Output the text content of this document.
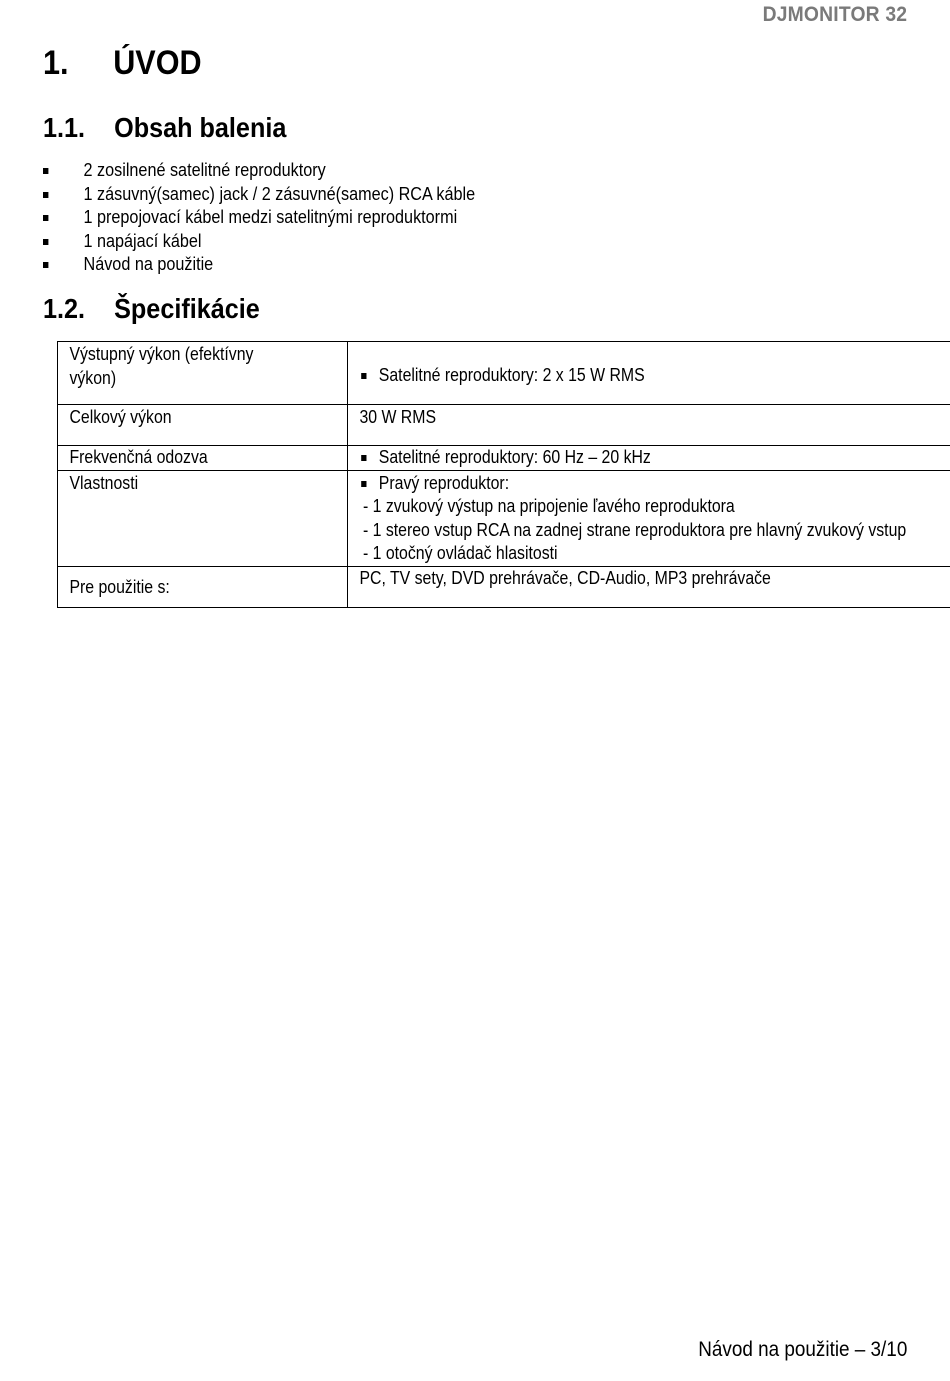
DJMONITOR 32
1. ÚVOD
1.1. Obsah balenia
2 zosilnené satelitné reproduktory
1 zásuvný(samec) jack / 2 zásuvné(samec) RCA káble
1 prepojovací kábel medzi satelitnými reproduktormi
1 napájací kábel
Návod na použitie
1.2. Špecifikácie
Výstupný výkon (efektívny
výkon)	Satelitné reproduktory: 2 x 15 W RMS

Celkový výkon	30 W RMS

Frekvenčná odozva	Satelitné reproduktory: 60 Hz – 20 kHz

Vlastnosti	Pravý reproduktor:
- 1 zvukový výstup na pripojenie ľavého reproduktora
- 1 stereo vstup RCA na zadnej strane reproduktora pre hlavný zvukový vstup
- 1 otočný ovládač hlasitosti

Pre použitie s:	PC, TV sety, DVD prehrávače, CD-Audio, MP3 prehrávače
Návod na použitie – 3/10
